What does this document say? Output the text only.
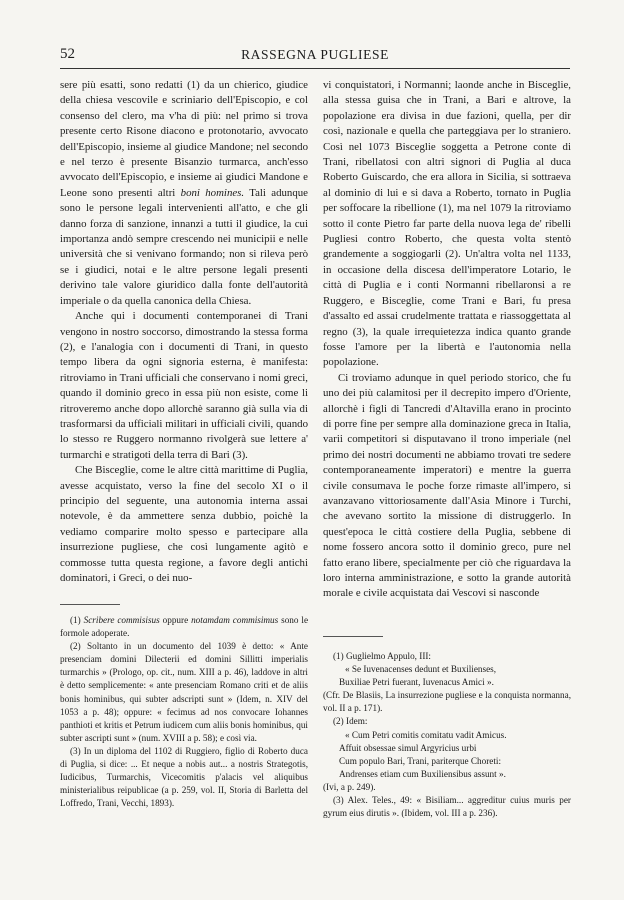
52	RASSEGNA PUGLIESE

sere più esatti, sono redatti (1) da un chierico, giudice della chiesa vescovile e scriniario dell'Episcopio, e col consenso del clero, ma v'ha di più: nel primo si trova presente certo Risone diacono e protonotario, avvocato dell'Episcopio, insieme al giudice Mandone; nel secondo e nel terzo è presente Bisanzio turmarca, anch'esso avvocato dell'Episcopio, e insieme ai giudici Mandone e Leone sono presenti altri boni homines. Tali adunque sono le persone legali intervenienti all'atto, e che gli danno forza di sanzione, innanzi a tutti il giudice, la cui importanza andò sempre crescendo nei municipii e nelle università che si venivano formando; non si rileva però se i giudici, notai e le altre persone legali presenti derivino tale valore giuridico dalla fonte dell'autorità imperiale o da quella canonica della Chiesa.

Anche qui i documenti contemporanei di Trani vengono in nostro soccorso, dimostrando la stessa forma (2), e l'analogia con i documenti di Trani, in questo tempo libera da ogni signoria esterna, è manifesta: ritroviamo in Trani ufficiali che conservano i nomi greci, quando il dominio greco in essa più non esiste, come li ritroveremo anche dopo allorchè saranno già sulla via di trasformarsi da ufficiali militari in ufficiali civili, quando lo stesso re Ruggero normanno rivolgerà sue lettere a' turmarchi e stratigoti della terra di Bari (3).

Che Bisceglie, come le altre città marittime di Puglia, avesse acquistato, verso la fine del secolo XI o il principio del seguente, una autonomia interna assai notevole, è da ammettere senza dubbio, poichè la vediamo comparire molto spesso e partecipare alla insurrezione pugliese, che così lungamente agitò e commosse tutta questa regione, a favore degli antichi dominatori, i Greci, o dei nuo-

vi conquistatori, i Normanni; laonde anche in Bisceglie, alla stessa guisa che in Trani, a Bari e altrove, la popolazione era divisa in due fazioni, quella, per dir così, nazionale e quella che parteggiava per lo straniero. Così nel 1073 Bisceglie soggetta a Petrone conte di Trani, ribellatosi con altri signori di Puglia al duca Roberto Guiscardo, che era allora in Sicilia, si sottraeva al dominio di lui e si dava a Roberto, tornato in Puglia per soffocare la ribellione (1), ma nel 1079 la ritroviamo sotto il conte Pietro far parte della nuova lega de' ribelli Pugliesi contro Roberto, che questa volta stentò grandemente a soggiogarli (2). Un'altra volta nel 1133, in occasione della discesa dell'imperatore Lotario, le città di Puglia e i conti Normanni ribellaronsi a re Ruggero, e Bisceglie, come Trani e Bari, fu presa d'assalto ed assai crudelmente trattata e riassoggettata al regno (3), la quale irrequietezza indica quanto grande fosse l'amore per la libertà e l'autonomia nella popolazione.

Ci troviamo adunque in quel periodo storico, che fu uno dei più calamitosi per il decrepito impero d'Oriente, allorchè i figli di Tancredi d'Altavilla erano in procinto di porre fine per sempre alla dominazione greca in Italia, varii competitori si disputavano il trono imperiale (nel primo dei nostri documenti ne abbiamo trovati tre sedere contemporaneamente imperatori) e mentre la guerra civile consumava le poche forze rimaste all'impero, si avanzavano vittoriosamente dall'Asia Minore i Turchi, che avevano sortito la missione di distruggerlo. In quest'epoca le città costiere della Puglia, sebbene di nome fossero ancora sotto il dominio greco, pure nel fatto erano libere, specialmente per ciò che riguardava la loro interna amministrazione, e sotto la grande autorità morale e civile acquistata dai Vescovi si nasconde

(1) Scribere commisisus oppure notamdam commisimus sono le formole adoperate.

(2) Soltanto in un documento del 1039 è detto: « Ante presenciam domini Dilecterii ed domini Sillitti imperialis turmarchis » (Prologo, op. cit., num. XIII a p. 46), laddove in altri è detto semplicemente: « ante presenciam Romano criti et de aliis bonis hominibus, qui subter adscripti sunt » (Idem, n. XIV del 1053 a p. 48); oppure: « fecimus ad nos convocare Iohannes panthioti et kritis et Petrum iudicem cum aliis bonis hominibus, qui subter ascripti sunt » (num. XVIII a p. 58); e così via.

(3) In un diploma del 1102 di Ruggiero, figlio di Roberto duca di Puglia, si dice: ... Et neque a nobis aut... a nostris Strategotis, Iudicibus, Turmarchis, Vicecomitis p'alacis vel aliquibus ministerialibus reipublicae (a p. 259, vol. II, Storia di Barletta del Loffredo, Trani, Vecchi, 1893).

(1) Guglielmo Appulo, III:

« Se Iuvenacenses dedunt et Buxilienses,

Buxiliae Petri fuerant, Iuvenacus Amici ».

(Cfr. De Blasiis, La insurrezione pugliese e la conquista normanna, vol. II a p. 171).

(2) Idem:

« Cum Petri comitis comitatu vadit Amicus.

Affuit obsessae simul Argyricius urbi

Cum populo Bari, Trani, pariterque Choreti:

Andrenses etiam cum Buxiliensibus assunt ».

(Ivi, a p. 249).

(3) Alex. Teles., 49: « Bisiliam... aggreditur cuius muris per gyrum eius dirutis ». (Ibidem, vol. III a p. 236).
